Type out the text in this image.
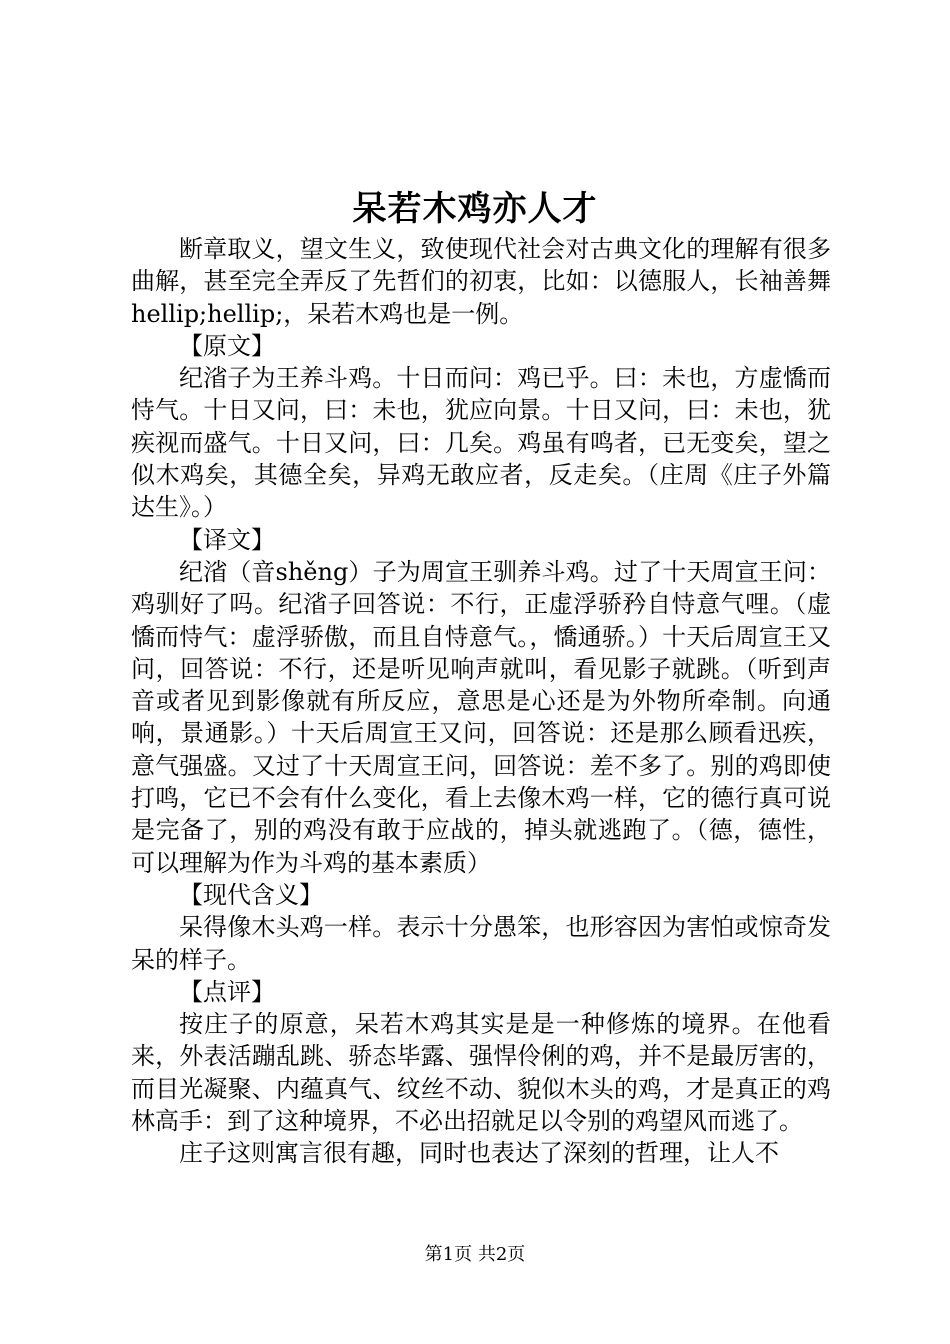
呆若木鸡亦人才

断章取义，望文生义，致使现代社会对古典文化的理解有很多曲解，甚至完全弄反了先哲们的初衷，比如：以德服人，长袖善舞hellip;hellip;，呆若木鸡也是一例。

【原文】

纪渻子为王养斗鸡。十日而问：鸡已乎。曰：未也，方虚憍而恃气。十日又问，曰：未也，犹应向景。十日又问，曰：未也，犹疾视而盛气。十日又问，曰：几矣。鸡虽有鸣者，已无变矣，望之似木鸡矣，其德全矣，异鸡无敢应者，反走矣。（庄周《庄子外篇达生》。）

【译文】

纪渻（音shěng）子为周宣王驯养斗鸡。过了十天周宣王问：鸡驯好了吗。纪渻子回答说：不行，正虚浮骄矜自恃意气哩。（虚憍而恃气：虚浮骄傲，而且自恃意气。，憍通骄。）十天后周宣王又问，回答说：不行，还是听见响声就叫，看见影子就跳。（听到声音或者见到影像就有所反应，意思是心还是为外物所牵制。向通响，景通影。）十天后周宣王又问，回答说：还是那么顾看迅疾，意气强盛。又过了十天周宣王问，回答说：差不多了。别的鸡即使打鸣，它已不会有什么变化，看上去像木鸡一样，它的德行真可说是完备了，别的鸡没有敢于应战的，掉头就逃跑了。（德，德性，可以理解为作为斗鸡的基本素质）

【现代含义】

呆得像木头鸡一样。表示十分愚笨，也形容因为害怕或惊奇发呆的样子。

【点评】

按庄子的原意，呆若木鸡其实是是一种修炼的境界。在他看来，外表活蹦乱跳、骄态毕露、强悍伶俐的鸡，并不是最厉害的，而目光凝聚、内蕴真气、纹丝不动、貌似木头的鸡，才是真正的鸡林高手：到了这种境界，不必出招就足以令别的鸡望风而逃了。

庄子这则寓言很有趣，同时也表达了深刻的哲理，让人不

第1页 共2页
